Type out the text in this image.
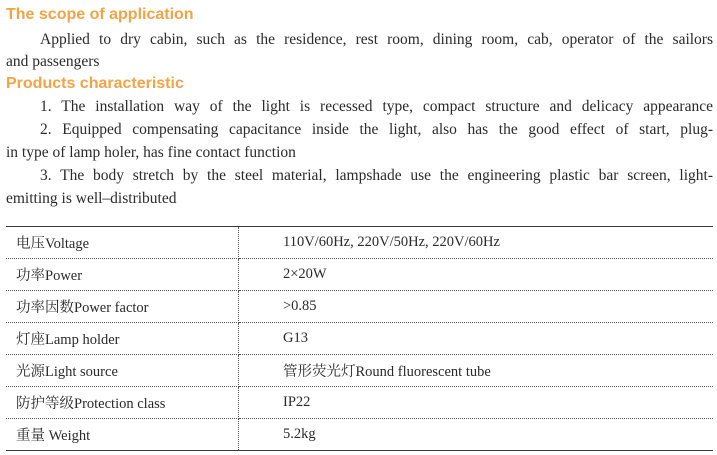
The scope of application
Applied to dry cabin, such as the residence, rest room, dining room, cab, operator of the sailors
and passengers
Products characteristic
1. The installation way of the light is recessed type, compact structure and delicacy appearance
2. Equipped compensating capacitance inside the light, also has the good effect of start, plug-
in type of lamp holer, has fine contact function
3. The body stretch by the steel material, lampshade use the engineering plastic bar screen, light-
emitting is well–distributed
电压Voltage	110V/60Hz, 220V/50Hz, 220V/60Hz
功率Power	2×20W
功率因数Power factor	>0.85
灯座Lamp holder	G13
光源Light source	管形荧光灯Round fluorescent tube
防护等级Protection class	IP22
重量 Weight	5.2kg
